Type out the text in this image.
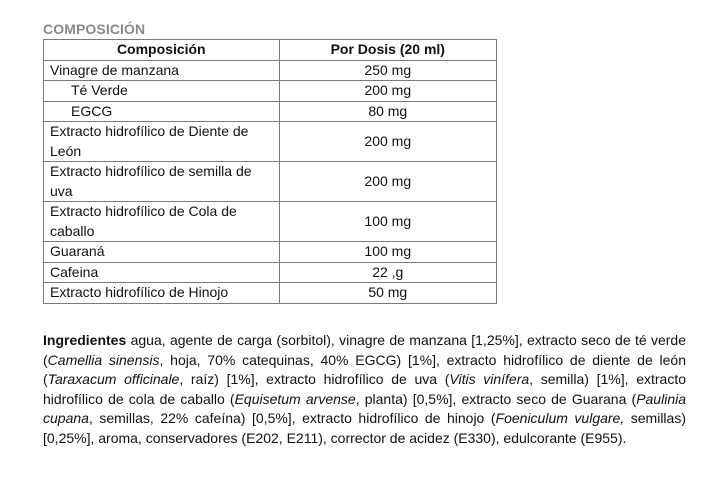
COMPOSICIÓN
Composición	Por Dosis (20 ml)
Vinagre de manzana	250 mg
Té Verde	200 mg
EGCG	80 mg
Extracto hidrofílico de Diente de León	200 mg
Extracto hidrofílico de semilla de uva	200 mg
Extracto hidrofílico de Cola de caballo	100 mg
Guaraná	100 mg
Cafeina	22 ,g
Extracto hidrofílico de Hinojo	50 mg

Ingredientes agua, agente de carga (sorbitol), vinagre de manzana [1,25%], extracto seco de té verde (Camellia sinensis, hoja, 70% catequinas, 40% EGCG) [1%], extracto hidrofílico de diente de león (Taraxacum officinale, raíz) [1%], extracto hidrofílico de uva (Vitis vinífera, semilla) [1%], extracto hidrofílico de cola de caballo (Equisetum arvense, planta) [0,5%], extracto seco de Guarana (Paulinia cupana, semillas, 22% cafeína) [0,5%], extracto hidrofílico de hinojo (Foeniculum vulgare, semillas) [0,25%], aroma, conservadores (E202, E211), corrector de acidez (E330), edulcorante (E955).
